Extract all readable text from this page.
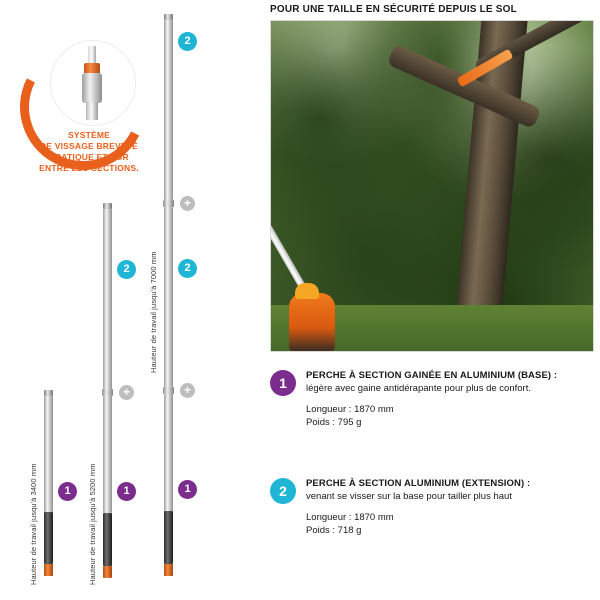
SYSTÈME
DE VISSAGE BREVETÉ
PRATIQUE ET SÛR
ENTRE LES SECTIONS.
1
Hauteur de travail jusqu'à 3400 mm
2
+
1
Hauteur de travail jusqu'à 5200 mm
2
+
2
+
1
Hauteur de travail jusqu'à 7000 mm
POUR UNE TAILLE EN SÉCURITÉ DEPUIS LE SOL
1	PERCHE À SECTION GAINÉE EN ALUMINIUM (BASE) :
légère avec gaine antidérapante pour plus de confort.
Longueur : 1870 mm
Poids : 795 g
2	PERCHE À SECTION ALUMINIUM (EXTENSION) :
venant se visser sur la base pour tailler plus haut
Longueur : 1870 mm
Poids : 718 g
